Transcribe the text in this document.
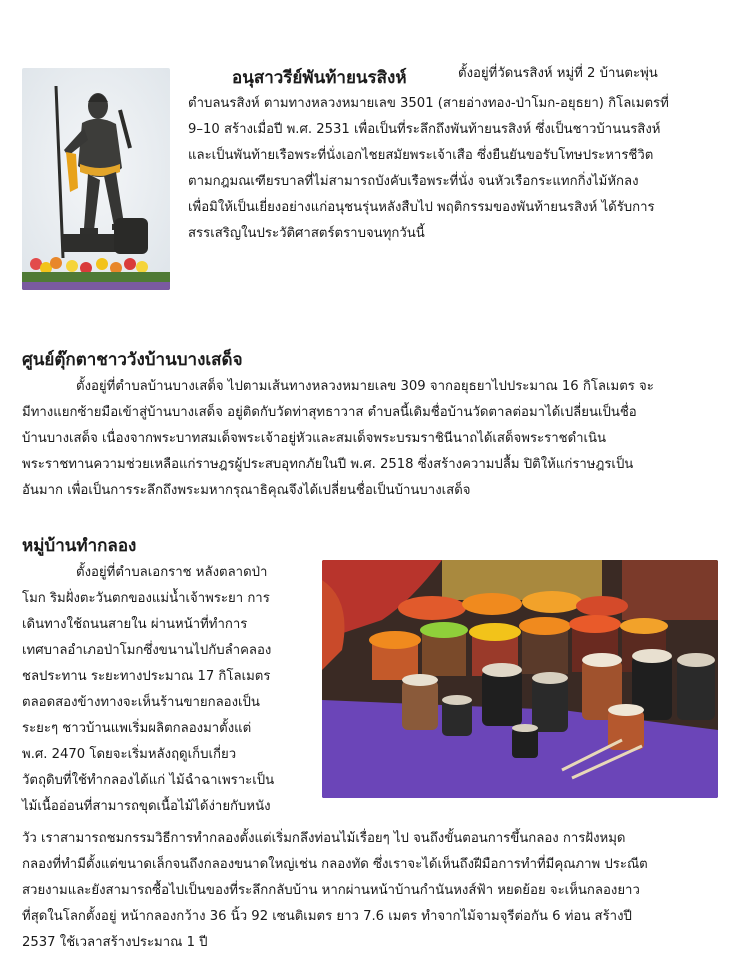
อนุสาวรีย์พันท้ายนรสิงห์	ตั้งอยู่ที่วัดนรสิงห์ หมู่ที่ 2 บ้านตะพุ่น
ตำบลนรสิงห์ ตามทางหลวงหมายเลข 3501 (สายอ่างทอง-ป่าโมก-อยุธยา) กิโลเมตรที่
9–10 สร้างเมื่อปี พ.ศ. 2531 เพื่อเป็นที่ระลึกถึงพันท้ายนรสิงห์ ซึ่งเป็นชาวบ้านนรสิงห์
และเป็นพันท้ายเรือพระที่นั่งเอกไชยสมัยพระเจ้าเสือ ซึ่งยืนยันขอรับโทษประหารชีวิต
ตามกฎมณเฑียรบาลที่ไม่สามารถบังคับเรือพระที่นั่ง จนหัวเรือกระแทกกิ่งไม้หักลง
เพื่อมิให้เป็นเยี่ยงอย่างแก่อนุชนรุ่นหลังสืบไป พฤติกรรมของพันท้ายนรสิงห์ ได้รับการ
สรรเสริญในประวัติศาสตร์ตราบจนทุกวันนี้
ศูนย์ตุ๊กตาชาววังบ้านบางเสด็จ
ตั้งอยู่ที่ตำบลบ้านบางเสด็จ ไปตามเส้นทางหลวงหมายเลข 309 จากอยุธยาไปประมาณ 16 กิโลเมตร จะ
มีทางแยกซ้ายมือเข้าสู่บ้านบางเสด็จ อยู่ติดกับวัดท่าสุทธาวาส ตำบลนี้เดิมชื่อบ้านวัดตาลต่อมาได้เปลี่ยนเป็นชื่อ
บ้านบางเสด็จ เนื่องจากพระบาทสมเด็จพระเจ้าอยู่หัวและสมเด็จพระบรมราชินีนาถได้เสด็จพระราชดำเนิน
พระราชทานความช่วยเหลือแก่ราษฎรผู้ประสบอุทกภัยในปี พ.ศ. 2518 ซึ่งสร้างความปลื้ม ปิติให้แก่ราษฎรเป็น
อันมาก เพื่อเป็นการระลึกถึงพระมหากรุณาธิคุณจึงได้เปลี่ยนชื่อเป็นบ้านบางเสด็จ
หมู่บ้านทำกลอง
ตั้งอยู่ที่ตำบลเอกราช หลังตลาดป่า
โมก ริมฝั่งตะวันตกของแม่น้ำเจ้าพระยา การ
เดินทางใช้ถนนสายใน ผ่านหน้าที่ทำการ
เทศบาลอำเภอป่าโมกซึ่งขนานไปกับลำคลอง
ชลประทาน ระยะทางประมาณ 17 กิโลเมตร
ตลอดสองข้างทางจะเห็นร้านขายกลองเป็น
ระยะๆ ชาวบ้านแพเริ่มผลิตกลองมาตั้งแต่
พ.ศ. 2470 โดยจะเริ่มหลังฤดูเก็บเกี่ยว
วัตถุดิบที่ใช้ทำกลองได้แก่ ไม้ฉำฉาเพราะเป็น
ไม้เนื้ออ่อนที่สามารถขุดเนื้อไม้ได้ง่ายกับหนัง
วัว เราสามารถชมกรรมวิธีการทำกลองตั้งแต่เริ่มกลึงท่อนไม้เรื่อยๆ ไป จนถึงขั้นตอนการขึ้นกลอง การฝังหมุด
กลองที่ทำมีตั้งแต่ขนาดเล็กจนถึงกลองขนาดใหญ่เช่น กลองทัด ซึ่งเราจะได้เห็นถึงฝีมือการทำที่มีคุณภาพ ประณีต
สวยงามและยังสามารถซื้อไปเป็นของที่ระลึกกลับบ้าน หากผ่านหน้าบ้านกำนันหงส์ฟ้า หยดย้อย จะเห็นกลองยาว
ที่สุดในโลกตั้งอยู่ หน้ากลองกว้าง 36 นิ้ว 92 เซนติเมตร ยาว 7.6 เมตร ทำจากไม้จามจุรีต่อกัน 6 ท่อน สร้างปี
2537 ใช้เวลาสร้างประมาณ 1 ปี
